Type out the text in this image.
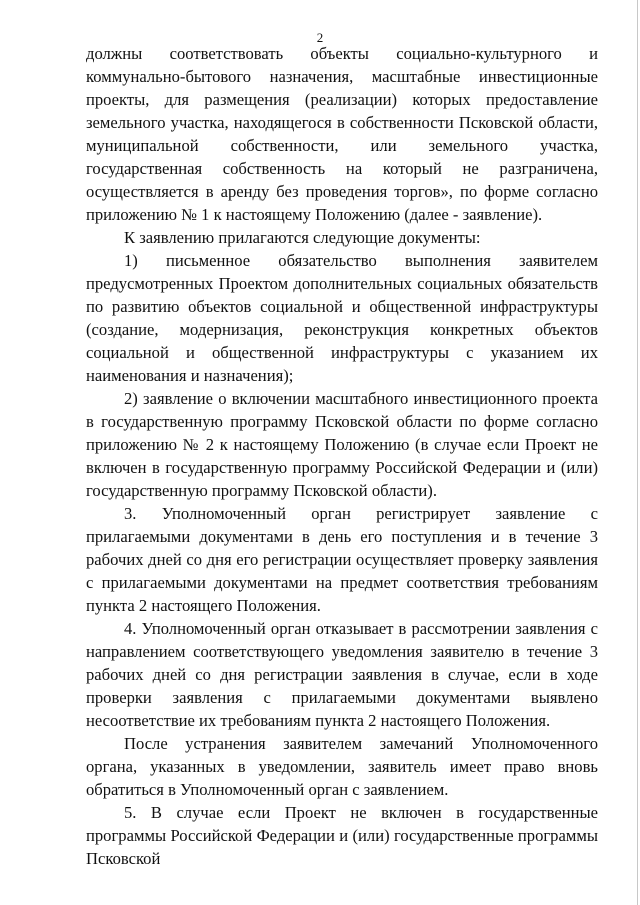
2

должны соответствовать объекты социально-культурного и коммунально-бытового назначения, масштабные инвестиционные проекты, для размещения (реализации) которых предоставление земельного участка, находящегося в собственности Псковской области, муниципальной собственности, или земельного участка, государственная собственность на который не разграничена, осуществляется в аренду без проведения торгов», по форме согласно приложению № 1 к настоящему Положению (далее - заявление).

К заявлению прилагаются следующие документы:

1) письменное обязательство выполнения заявителем предусмотренных Проектом дополнительных социальных обязательств по развитию объектов социальной и общественной инфраструктуры (создание, модернизация, реконструкция конкретных объектов социальной и общественной инфраструктуры с указанием их наименования и назначения);

2) заявление о включении масштабного инвестиционного проекта в государственную программу Псковской области по форме согласно приложению № 2 к настоящему Положению (в случае если Проект не включен в государственную программу Российской Федерации и (или) государственную программу Псковской области).

3. Уполномоченный орган регистрирует заявление с прилагаемыми документами в день его поступления и в течение 3 рабочих дней со дня его регистрации осуществляет проверку заявления с прилагаемыми документами на предмет соответствия требованиям пункта 2 настоящего Положения.

4. Уполномоченный орган отказывает в рассмотрении заявления с направлением соответствующего уведомления заявителю в течение 3 рабочих дней со дня регистрации заявления в случае, если в ходе проверки заявления с прилагаемыми документами выявлено несоответствие их требованиям пункта 2 настоящего Положения.

После устранения заявителем замечаний Уполномоченного органа, указанных в уведомлении, заявитель имеет право вновь обратиться в Уполномоченный орган с заявлением.

5. В случае если Проект не включен в государственные программы Российской Федерации и (или) государственные программы Псковской
